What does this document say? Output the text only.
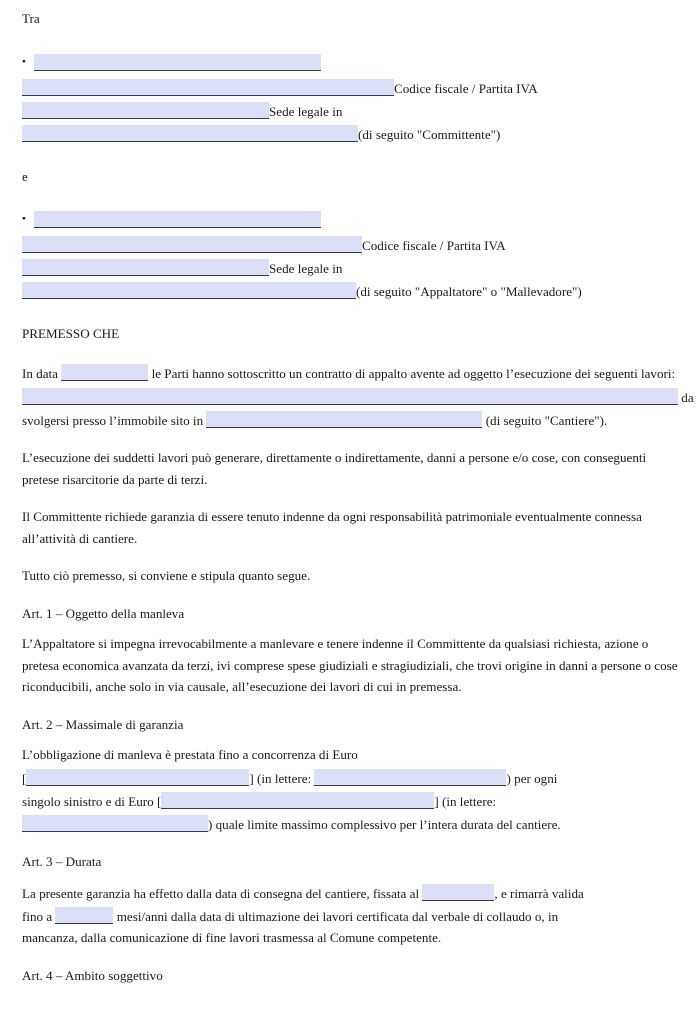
Tra
•
Codice fiscale / Partita IVA
Sede legale in
(di seguito "Committente")
e
•
Codice fiscale / Partita IVA
Sede legale in
(di seguito "Appaltatore" o "Mallevadore")
PREMESSO CHE
In data	le Parti hanno sottoscritto un contratto di appalto avente ad oggetto l’esecuzione dei seguenti lavori:
da
svolgersi presso l’immobile sito in	(di seguito "Cantiere").
L’esecuzione dei suddetti lavori può generare, direttamente o indirettamente, danni a persone e/o cose, con conseguenti pretese risarcitorie da parte di terzi.
Il Committente richiede garanzia di essere tenuto indenne da ogni responsabilità patrimoniale eventualmente connessa all’attività di cantiere.
Tutto ciò premesso, si conviene e stipula quanto segue.
Art. 1 – Oggetto della manleva
L’Appaltatore si impegna irrevocabilmente a manlevare e tenere indenne il Committente da qualsiasi richiesta, azione o pretesa economica avanzata da terzi, ivi comprese spese giudiziali e stragiudiziali, che trovi origine in danni a persone o cose riconducibili, anche solo in via causale, all’esecuzione dei lavori di cui in premessa.
Art. 2 – Massimale di garanzia
L’obbligazione di manleva è prestata fino a concorrenza di Euro
[	] (in lettere:	) per ogni
singolo sinistro e di Euro [	] (in lettere:
) quale limite massimo complessivo per l’intera durata del cantiere.
Art. 3 – Durata
La presente garanzia ha effetto dalla data di consegna del cantiere, fissata al	, e rimarrà valida
fino a	mesi/anni dalla data di ultimazione dei lavori certificata dal verbale di collaudo o, in
mancanza, dalla comunicazione di fine lavori trasmessa al Comune competente.
Art. 4 – Ambito soggettivo
